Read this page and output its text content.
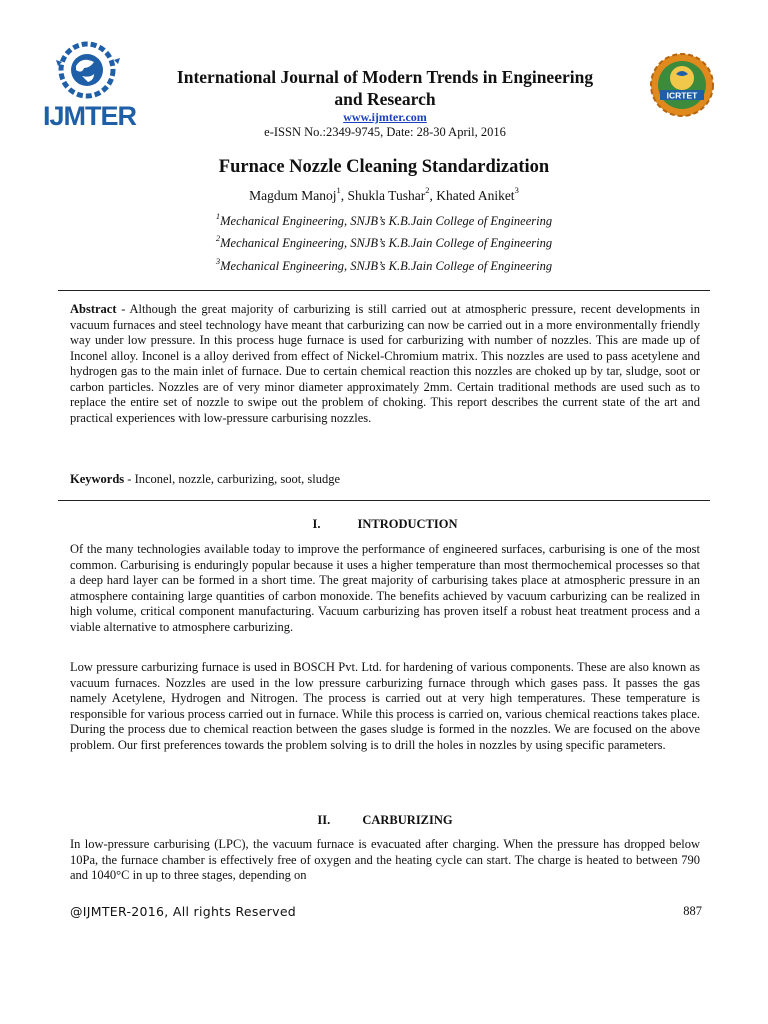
IJMTER
ICRTET
International Journal of Modern Trends in Engineering
and Research
www.ijmter.com
e-ISSN No.:2349-9745, Date: 28-30 April, 2016
Furnace Nozzle Cleaning Standardization
Magdum Manoj$^1$, Shukla Tushar$^2$, Khated Aniket$^3$
$^1$Mechanical Engineering, SNJB’s K.B.Jain College of Engineering
$^2$Mechanical Engineering, SNJB’s K.B.Jain College of Engineering
$^3$Mechanical Engineering, SNJB’s K.B.Jain College of Engineering
Abstract - Although the great majority of carburizing is still carried out at atmospheric pressure, recent developments in vacuum furnaces and steel technology have meant that carburizing can now be carried out in a more environmentally friendly way under low pressure. In this process huge furnace is used for carburizing with number of nozzles. This are made up of Inconel alloy. Inconel is a alloy derived from effect of Nickel-Chromium matrix. This nozzles are used to pass acetylene and hydrogen gas to the main inlet of furnace. Due to certain chemical reaction this nozzles are choked up by tar, sludge, soot or carbon particles. Nozzles are of very minor diameter approximately 2mm. Certain traditional methods are used such as to replace the entire set of nozzle to swipe out the problem of choking. This report describes the current state of the art and practical experiences with low-pressure carburising nozzles.
Keywords - Inconel, nozzle, carburizing, soot, sludge
I.	INTRODUCTION
Of the many technologies available today to improve the performance of engineered surfaces, carburising is one of the most common. Carburising is enduringly popular because it uses a higher temperature than most thermochemical processes so that a deep hard layer can be formed in a short time. The great majority of carburising takes place at atmospheric pressure in an atmosphere containing large quantities of carbon monoxide. The benefits achieved by vacuum carburizing can be realized in high volume, critical component manufacturing. Vacuum carburizing has proven itself a robust heat treatment process and a viable alternative to atmosphere carburizing.
Low pressure carburizing furnace is used in BOSCH Pvt. Ltd. for hardening of various components. These are also known as vacuum furnaces. Nozzles are used in the low pressure carburizing furnace through which gases pass. It passes the gas namely Acetylene, Hydrogen and Nitrogen. The process is carried out at very high temperatures. These temperature is responsible for various process carried out in furnace. While this process is carried on, various chemical reactions takes place. During the process due to chemical reaction between the gases sludge is formed in the nozzles. We are focused on the above problem. Our first preferences towards the problem solving is to drill the holes in nozzles by using specific parameters.
II.	CARBURIZING
In low-pressure carburising (LPC), the vacuum furnace is evacuated after charging. When the pressure has dropped below 10Pa, the furnace chamber is effectively free of oxygen and the heating cycle can start. The charge is heated to between 790 and 1040°C in up to three stages, depending on
@IJMTER-2016, All rights Reserved	887
